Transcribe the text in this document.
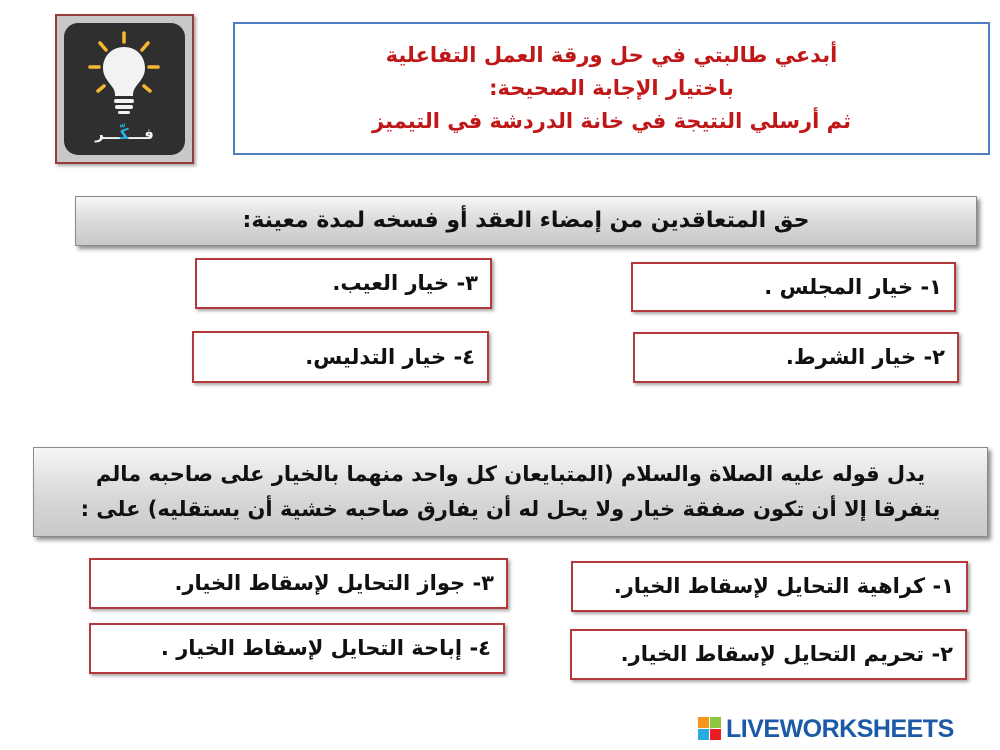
فـــكّـــر
أبدعي طالبتي في حل ورقة العمل التفاعلية
باختيار الإجابة الصحيحة:
ثم أرسلي النتيجة في خانة الدردشة في التيميز
حق المتعاقدين من إمضاء العقد أو فسخه لمدة معينة:
١- خيار المجلس .
٢- خيار الشرط.
٣- خيار العيب.
٤- خيار التدليس.
يدل قوله عليه الصلاة والسلام (المتبايعان كل واحد منهما بالخيار على صاحبه مالم
يتفرقا إلا أن تكون صفقة خيار ولا يحل له أن يفارق صاحبه خشية أن يستقليه) على :
١- كراهية التحايل لإسقاط الخيار.
٢- تحريم التحايل لإسقاط الخيار.
٣- جواز التحايل لإسقاط الخيار.
٤- إباحة التحايل لإسقاط الخيار .
LIVEWORKSHEETS
